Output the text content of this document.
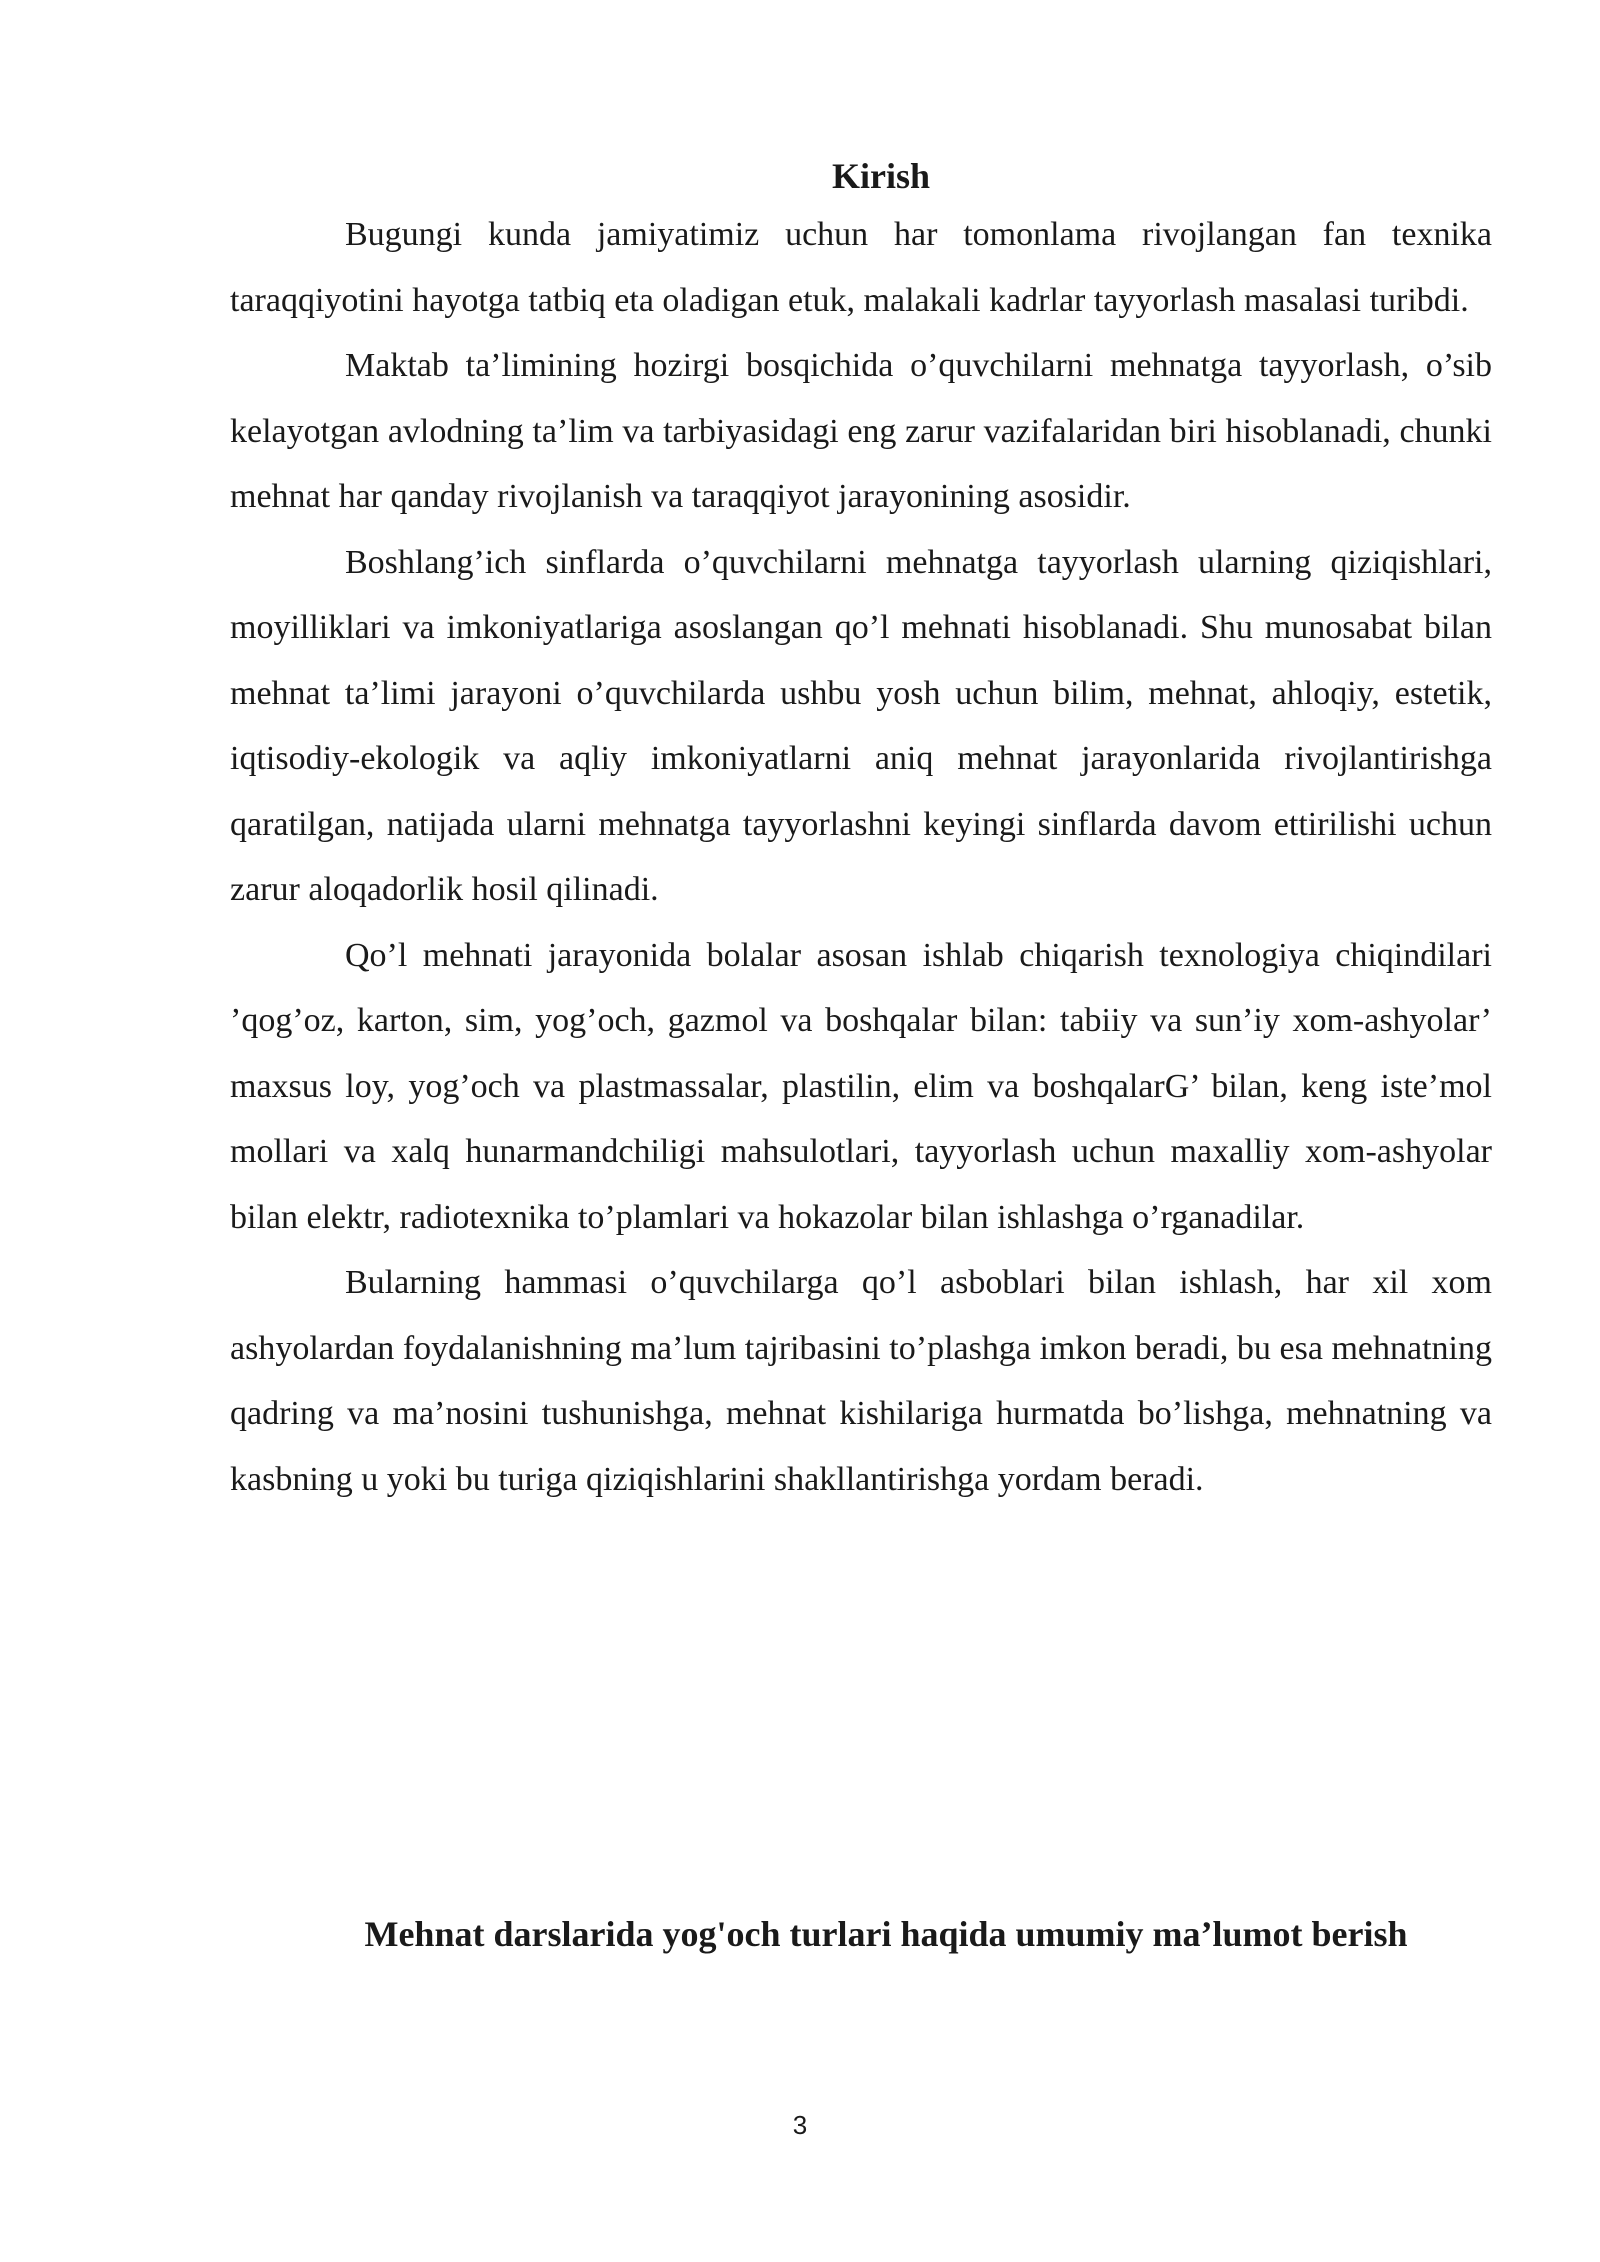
Kirish

Bugungi kunda jamiyatimiz uchun har tomonlama rivojlangan fan texnika taraqqiyotini hayotga tatbiq eta oladigan etuk, malakali kadrlar tayyorlash masalasi turibdi.

Maktab ta’limining hozirgi bosqichida o’quvchilarni mehnatga tayyorlash, o’sib kelayotgan avlodning ta’lim va tarbiyasidagi eng zarur vazifalaridan biri hisoblanadi, chunki mehnat har qanday rivojlanish va taraqqiyot jarayonining asosidir.

Boshlang’ich sinflarda o’quvchilarni mehnatga tayyorlash ularning qiziqishlari, moyilliklari va imkoniyatlariga asoslangan qo’l mehnati hisoblanadi. Shu munosabat bilan mehnat ta’limi jarayoni o’quvchilarda ushbu yosh uchun bilim, mehnat, ahloqiy, estetik, iqtisodiy-ekologik va aqliy imkoniyatlarni aniq mehnat jarayonlarida rivojlantirishga qaratilgan, natijada ularni mehnatga tayyorlashni keyingi sinflarda davom ettirilishi uchun zarur aloqadorlik hosil qilinadi.

Qo’l mehnati jarayonida bolalar asosan ishlab chiqarish texnologiya chiqindilari ’qog’oz, karton, sim, yog’och, gazmol va boshqalar bilan: tabiiy va sun’iy xom-ashyolar’ maxsus loy, yog’och va plastmassalar, plastilin, elim va boshqalarG’ bilan, keng iste’mol mollari va xalq hunarmandchiligi mahsulotlari, tayyorlash uchun maxalliy xom-ashyolar bilan elektr, radiotexnika to’plamlari va hokazolar bilan ishlashga o’rganadilar.

Bularning hammasi o’quvchilarga qo’l asboblari bilan ishlash, har xil xom ashyolardan foydalanishning ma’lum tajribasini to’plashga imkon beradi, bu esa mehnatning qadring va ma’nosini tushunishga, mehnat kishilariga hurmatda bo’lishga, mehnatning va kasbning u yoki bu turiga qiziqishlarini shakllantirishga yordam beradi.

Mehnat darslarida yog'och turlari haqida umumiy ma’lumot berish
3
